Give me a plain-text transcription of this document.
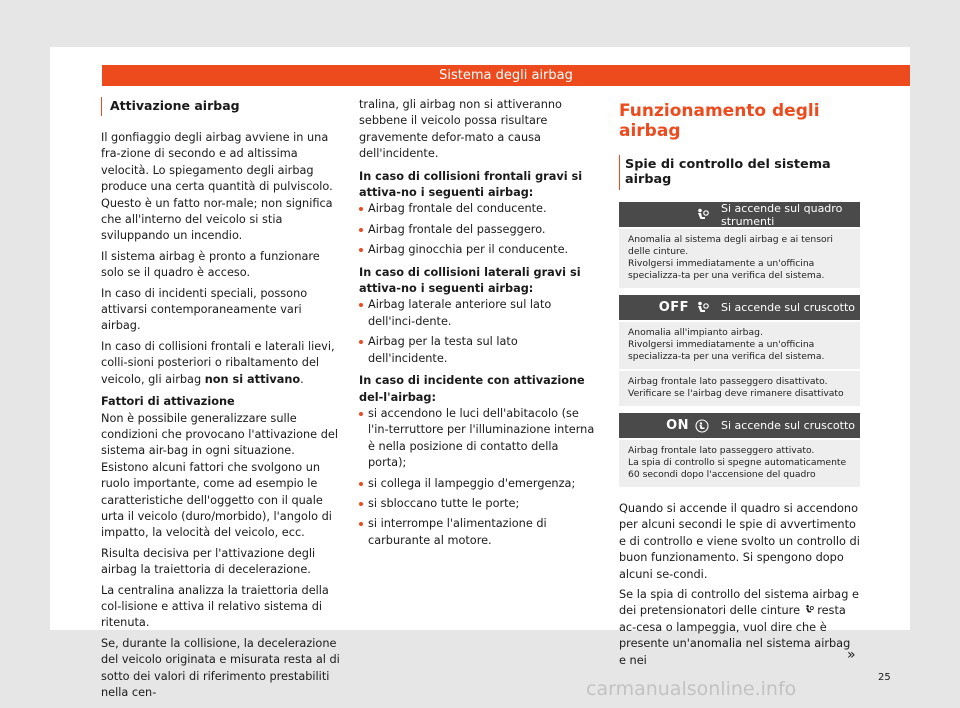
Sistema degli airbag
Attivazione airbag

Il gonfiaggio degli airbag avviene in una fra-zione di secondo e ad altissima velocità. Lo spiegamento degli airbag produce una certa quantità di pulviscolo. Questo è un fatto nor-male; non significa che all'interno del veicolo si stia sviluppando un incendio.

Il sistema airbag è pronto a funzionare solo se il quadro è acceso.

In caso di incidenti speciali, possono attivarsi contemporaneamente vari airbag.

In caso di collisioni frontali e laterali lievi, colli-sioni posteriori o ribaltamento del veicolo, gli airbag non si attivano.

Fattori di attivazione

Non è possibile generalizzare sulle condizioni che provocano l'attivazione del sistema air-bag in ogni situazione. Esistono alcuni fattori che svolgono un ruolo importante, come ad esempio le caratteristiche dell'oggetto con il quale urta il veicolo (duro/morbido), l'angolo di impatto, la velocità del veicolo, ecc.

Risulta decisiva per l'attivazione degli airbag la traiettoria di decelerazione.

La centralina analizza la traiettoria della col-lisione e attiva il relativo sistema di ritenuta.

Se, durante la collisione, la decelerazione del veicolo originata e misurata resta al di sotto dei valori di riferimento prestabiliti nella cen-

tralina, gli airbag non si attiveranno sebbene il veicolo possa risultare gravemente defor-mato a causa dell'incidente.

In caso di collisioni frontali gravi si attiva-no i seguenti airbag:

Airbag frontale del conducente.

Airbag frontale del passeggero.

Airbag ginocchia per il conducente.

In caso di collisioni laterali gravi si attiva-no i seguenti airbag:

Airbag laterale anteriore sul lato dell'inci-dente.

Airbag per la testa sul lato dell'incidente.

In caso di incidente con attivazione del-l'airbag:

si accendono le luci dell'abitacolo (se l'in-terruttore per l'illuminazione interna è nella posizione di contatto della porta);

si collega il lampeggio d'emergenza;

si sbloccano tutte le porte;

si interrompe l'alimentazione di carburante al motore.

Funzionamento degli airbag
Spie di controllo del sistema airbag
Si accende sul quadro strumenti
Anomalia al sistema degli airbag e ai tensori delle cinture.
Rivolgersi immediatamente a un'officina specializza-ta per una verifica del sistema.
OFF	Si accende sul cruscotto
Anomalia all'impianto airbag.
Rivolgersi immediatamente a un'officina specializza-ta per una verifica del sistema.
Airbag frontale lato passeggero disattivato.
Verificare se l'airbag deve rimanere disattivato
ON	Si accende sul cruscotto
Airbag frontale lato passeggero attivato.
La spia di controllo si spegne automaticamente 60 secondi dopo l'accensione del quadro

Quando si accende il quadro si accendono per alcuni secondi le spie di avvertimento e di controllo e viene svolto un controllo di buon funzionamento. Si spengono dopo alcuni se-condi.

Se la spia di controllo del sistema airbag e dei pretensionatori delle cinture  resta ac-cesa o lampeggia, vuol dire che è presente un'anomalia nel sistema airbag e nei	»
25
carmanualsonline.info
